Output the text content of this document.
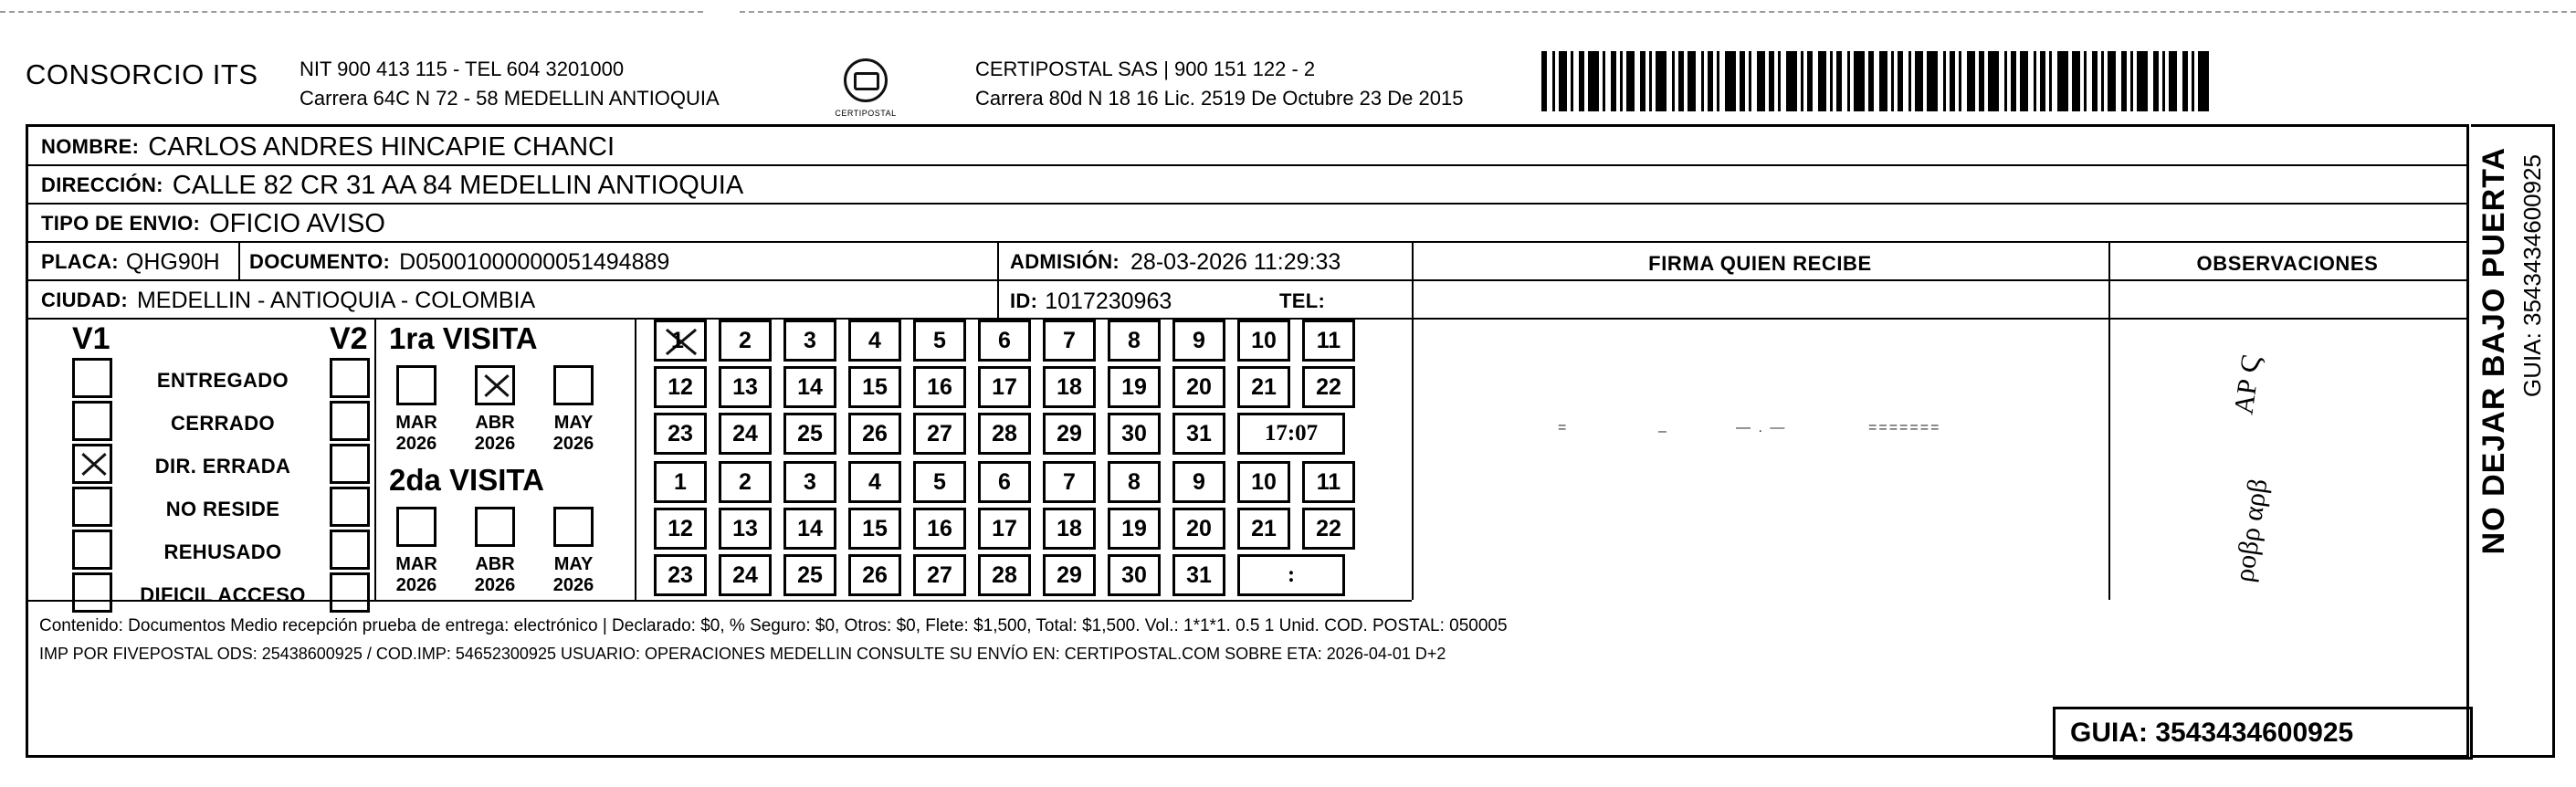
CONSORCIO ITS NIT 900 413 115 - TEL 604 3201000
Carrera 64C N 72 - 58 MEDELLIN ANTIOQUIA
CERTIPOSTAL
CERTIPOSTAL SAS | 900 151 122 - 2
Carrera 80d N 18 16 Lic. 2519 De Octubre 23 De 2015
NOMBRE: CARLOS ANDRES HINCAPIE CHANCI
DIRECCIÓN: CALLE 82 CR 31 AA 84 MEDELLIN ANTIOQUIA
TIPO DE ENVIO: OFICIO AVISO
PLACA: QHG90H DOCUMENTO: D05001000000051494889	ADMISIÓN: 28-03-2026 11:29:33
CIUDAD: MEDELLIN - ANTIOQUIA - COLOMBIA	ID: 1017230963	TEL:
V1	V2
ENTREGADO
CERRADO
DIR. ERRADA
NO RESIDE
REHUSADO
DIFICIL ACCESO
1ra VISITA
MAR
2026
ABR
2026
MAY
2026
1	2	3	4	5	6	7	8	9	10	11
12	13	14	15	16	17	18	19	20	21	22
23	24	25	26	27	28	29	30	31	17:07
2da VISITA
MAR
2026
ABR
2026
MAY
2026
1	2	3	4	5	6	7	8	9	10	11
12	13	14	15	16	17	18	19	20	21	22
23	24	25	26	27	28	29	30	31	:
FIRMA QUIEN RECIBE
=	–	— . —	=======
OBSERVACIONES
ΑΡ Ϛ
ροβρ αρβ
Contenido: Documentos Medio recepción prueba de entrega: electrónico | Declarado: $0, % Seguro: $0, Otros: $0, Flete: $1,500, Total: $1,500. Vol.: 1*1*1. 0.5 1 Unid. COD. POSTAL: 050005
IMP POR FIVEPOSTAL ODS: 25438600925 / COD.IMP: 54652300925 USUARIO: OPERACIONES MEDELLIN CONSULTE SU ENVÍO EN: CERTIPOSTAL.COM SOBRE ETA: 2026-04-01 D+2
GUIA: 3543434600925
NO DEJAR BAJO PUERTA GUIA: 3543434600925
